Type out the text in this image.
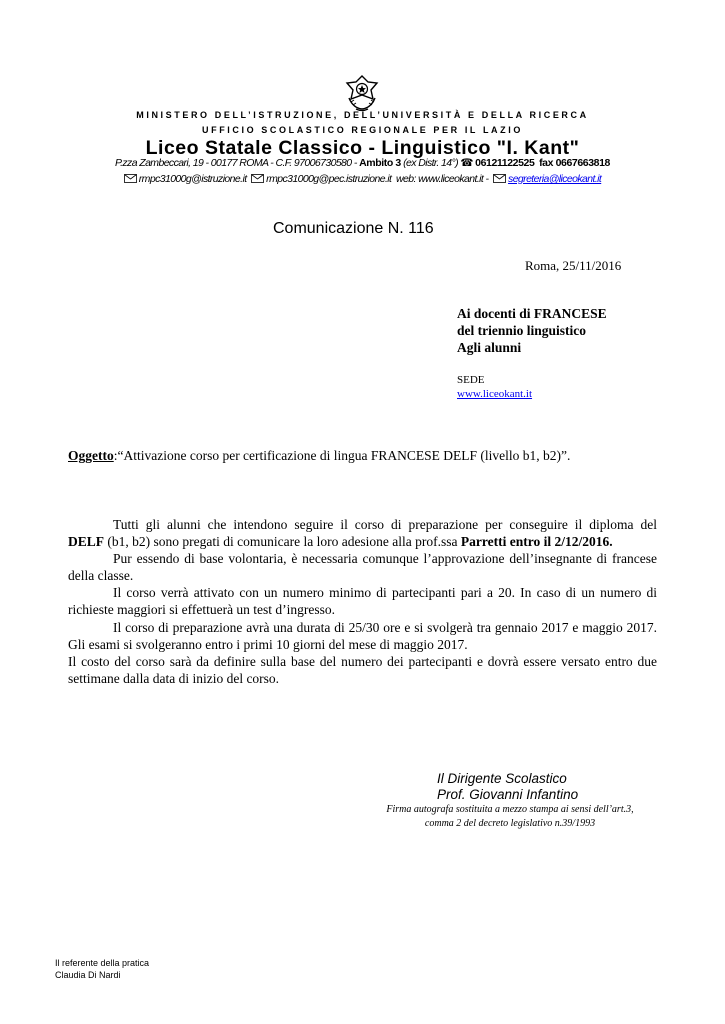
MINISTERO DELL’ISTRUZIONE, DELL’UNIVERSITÀ E DELLA RICERCA
UFFICIO SCOLASTICO REGIONALE PER IL LAZIO
Liceo Statale Classico - Linguistico "I. Kant"
P.zza Zambeccari, 19 - 00177 ROMA - C.F. 97006730580 - Ambito 3 (ex Distr. 14°) ☎ 06121122525 fax 0667663818
rmpc31000g@istruzione.it rmpc31000g@pec.istruzione.it web: www.liceokant.it - segreteria@liceokant.it
Comunicazione N. 116
Roma, 25/11/2016
Ai docenti di FRANCESE
del triennio linguistico
Agli alunni
SEDE
www.liceokant.it
Oggetto:“Attivazione corso per certificazione di lingua FRANCESE DELF (livello b1, b2)”.

Tutti gli alunni che intendono seguire il corso di preparazione per conseguire il diploma del

DELF (b1, b2) sono pregati di comunicare la loro adesione alla prof.ssa Parretti entro il 2/12/2016.

Pur essendo di base volontaria, è necessaria comunque l’approvazione dell’insegnante di francese della classe.

Il corso verrà attivato con un numero minimo di partecipanti pari a 20. In caso di un numero di richieste maggiori si effettuerà un test d’ingresso.

Il corso di preparazione avrà una durata di 25/30 ore e si svolgerà tra gennaio 2017 e maggio 2017. Gli esami si svolgeranno entro i primi 10 giorni del mese di maggio 2017.

Il costo del corso sarà da definire sulla base del numero dei partecipanti e dovrà essere versato entro due settimane dalla data di inizio del corso.

Il Dirigente Scolastico
Prof. Giovanni Infantino
Firma autografa sostituita a mezzo stampa ai sensi dell’art.3,
comma 2 del decreto legislativo n.39/1993
Il referente della pratica
Claudia Di Nardi
